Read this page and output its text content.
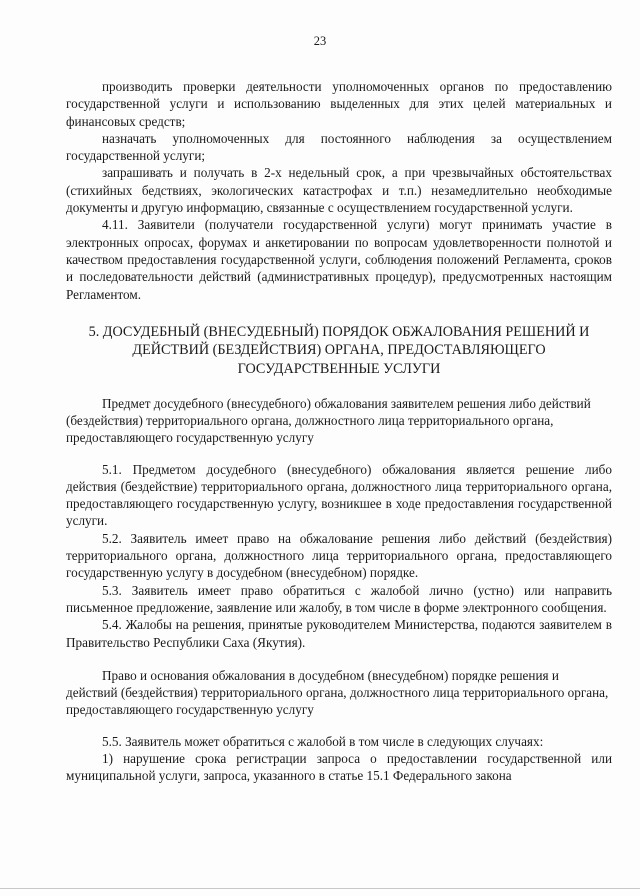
23

производить проверки деятельности уполномоченных органов по предоставлению государственной услуги и использованию выделенных для этих целей материальных и финансовых средств;

назначать уполномоченных для постоянного наблюдения за осуществлением государственной услуги;

запрашивать и получать в 2-х недельный срок, а при чрезвычайных обстоятельствах (стихийных бедствиях, экологических катастрофах и т.п.) незамедлительно необходимые документы и другую информацию, связанные с осуществлением государственной услуги.

4.11. Заявители (получатели государственной услуги) могут принимать участие в электронных опросах, форумах и анкетировании по вопросам удовлетворенности полнотой и качеством предоставления государственной услуги, соблюдения положений Регламента, сроков и последовательности действий (административных процедур), предусмотренных настоящим Регламентом.

5. ДОСУДЕБНЫЙ (ВНЕСУДЕБНЫЙ) ПОРЯДОК ОБЖАЛОВАНИЯ РЕШЕНИЙ И ДЕЙСТВИЙ (БЕЗДЕЙСТВИЯ) ОРГАНА, ПРЕДОСТАВЛЯЮЩЕГО ГОСУДАРСТВЕННЫЕ УСЛУГИ

Предмет досудебного (внесудебного) обжалования заявителем решения либо действий (бездействия) территориального органа, должностного лица территориального органа, предоставляющего государственную услугу

5.1. Предметом досудебного (внесудебного) обжалования является решение либо действия (бездействие) территориального органа, должностного лица территориального органа, предоставляющего государственную услугу, возникшее в ходе предоставления государственной услуги.

5.2. Заявитель имеет право на обжалование решения либо действий (бездействия) территориального органа, должностного лица территориального органа, предоставляющего государственную услугу в досудебном (внесудебном) порядке.

5.3. Заявитель имеет право обратиться с жалобой лично (устно) или направить письменное предложение, заявление или жалобу, в том числе в форме электронного сообщения.

5.4. Жалобы на решения, принятые руководителем Министерства, подаются заявителем в Правительство Республики Саха (Якутия).

Право и основания обжалования в досудебном (внесудебном) порядке решения и действий (бездействия) территориального органа, должностного лица территориального органа, предоставляющего государственную услугу

5.5. Заявитель может обратиться с жалобой в том числе в следующих случаях:

1) нарушение срока регистрации запроса о предоставлении государственной или муниципальной услуги, запроса, указанного в статье 15.1 Федерального закона
